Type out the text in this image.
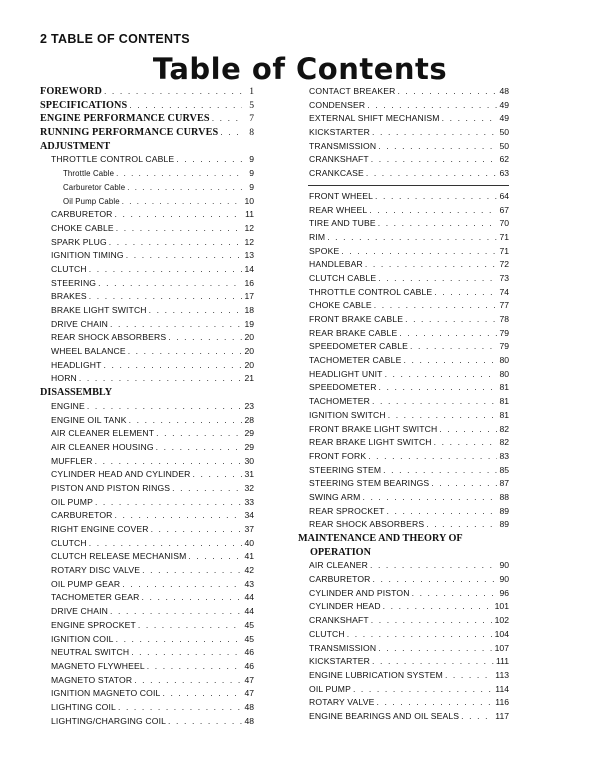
2 TABLE OF CONTENTS
Table of Contents
FOREWORD . . .	1
SPECIFICATIONS . . .	5
ENGINE PERFORMANCE CURVES . . .	7
RUNNING PERFORMANCE CURVES . . .	8
ADJUSTMENT
THROTTLE CONTROL CABLE . . .	9
Throttle Cable . . .	9
Carburetor Cable . . .	9
Oil Pump Cable . . .	10
CARBURETOR . . .	11
CHOKE CABLE . . .	12
SPARK PLUG . . .	12
IGNITION TIMING . . .	13
CLUTCH . . .	14
STEERING . . .	16
BRAKES . . .	17
BRAKE LIGHT SWITCH . . .	18
DRIVE CHAIN . . .	19
REAR SHOCK ABSORBERS . . .	20
WHEEL BALANCE . . .	20
HEADLIGHT . . .	20
HORN . . .	21
DISASSEMBLY
ENGINE . . .	23
ENGINE OIL TANK . . .	28
AIR CLEANER ELEMENT . . .	29
AIR CLEANER HOUSING . . .	29
MUFFLER . . .	30
CYLINDER HEAD AND CYLINDER . . .	31
PISTON AND PISTON RINGS . . .	32
OIL PUMP . . .	33
CARBURETOR . . .	34
RIGHT ENGINE COVER . . .	37
CLUTCH . . .	40
CLUTCH RELEASE MECHANISM . . .	41
ROTARY DISC VALVE . . .	42
OIL PUMP GEAR . . .	43
TACHOMETER GEAR . . .	44
DRIVE CHAIN . . .	44
ENGINE SPROCKET . . .	45
IGNITION COIL . . .	45
NEUTRAL SWITCH . . .	46
MAGNETO FLYWHEEL . . .	46
MAGNETO STATOR . . .	47
IGNITION MAGNETO COIL . . .	47
LIGHTING COIL . . .	48
LIGHTING/CHARGING COIL . . .	48
CONTACT BREAKER . . .	48
CONDENSER . . .	49
EXTERNAL SHIFT MECHANISM . . .	49
KICKSTARTER . . .	50
TRANSMISSION . . .	50
CRANKSHAFT . . .	62
CRANKCASE . . .	63
FRONT WHEEL . . .	64
REAR WHEEL . . .	67
TIRE AND TUBE . . .	70
RIM . . .	71
SPOKE . . .	71
HANDLEBAR . . .	72
CLUTCH CABLE . . .	73
THROTTLE CONTROL CABLE . . .	74
CHOKE CABLE . . .	77
FRONT BRAKE CABLE . . .	78
REAR BRAKE CABLE . . .	79
SPEEDOMETER CABLE . . .	79
TACHOMETER CABLE . . .	80
HEADLIGHT UNIT . . .	80
SPEEDOMETER . . .	81
TACHOMETER . . .	81
IGNITION SWITCH . . .	81
FRONT BRAKE LIGHT SWITCH . . .	82
REAR BRAKE LIGHT SWITCH . . .	82
FRONT FORK . . .	83
STEERING STEM . . .	85
STEERING STEM BEARINGS . . .	87
SWING ARM . . .	88
REAR SPROCKET . . .	89
REAR SHOCK ABSORBERS . . .	89
MAINTENANCE AND THEORY OF
OPERATION
AIR CLEANER . . .	90
CARBURETOR . . .	90
CYLINDER AND PISTON . . .	96
CYLINDER HEAD . . .	101
CRANKSHAFT . . .	102
CLUTCH . . .	104
TRANSMISSION . . .	107
KICKSTARTER . . .	111
ENGINE LUBRICATION SYSTEM . . .	113
OIL PUMP . . .	114
ROTARY VALVE . . .	116
ENGINE BEARINGS AND OIL SEALS . . .	117
